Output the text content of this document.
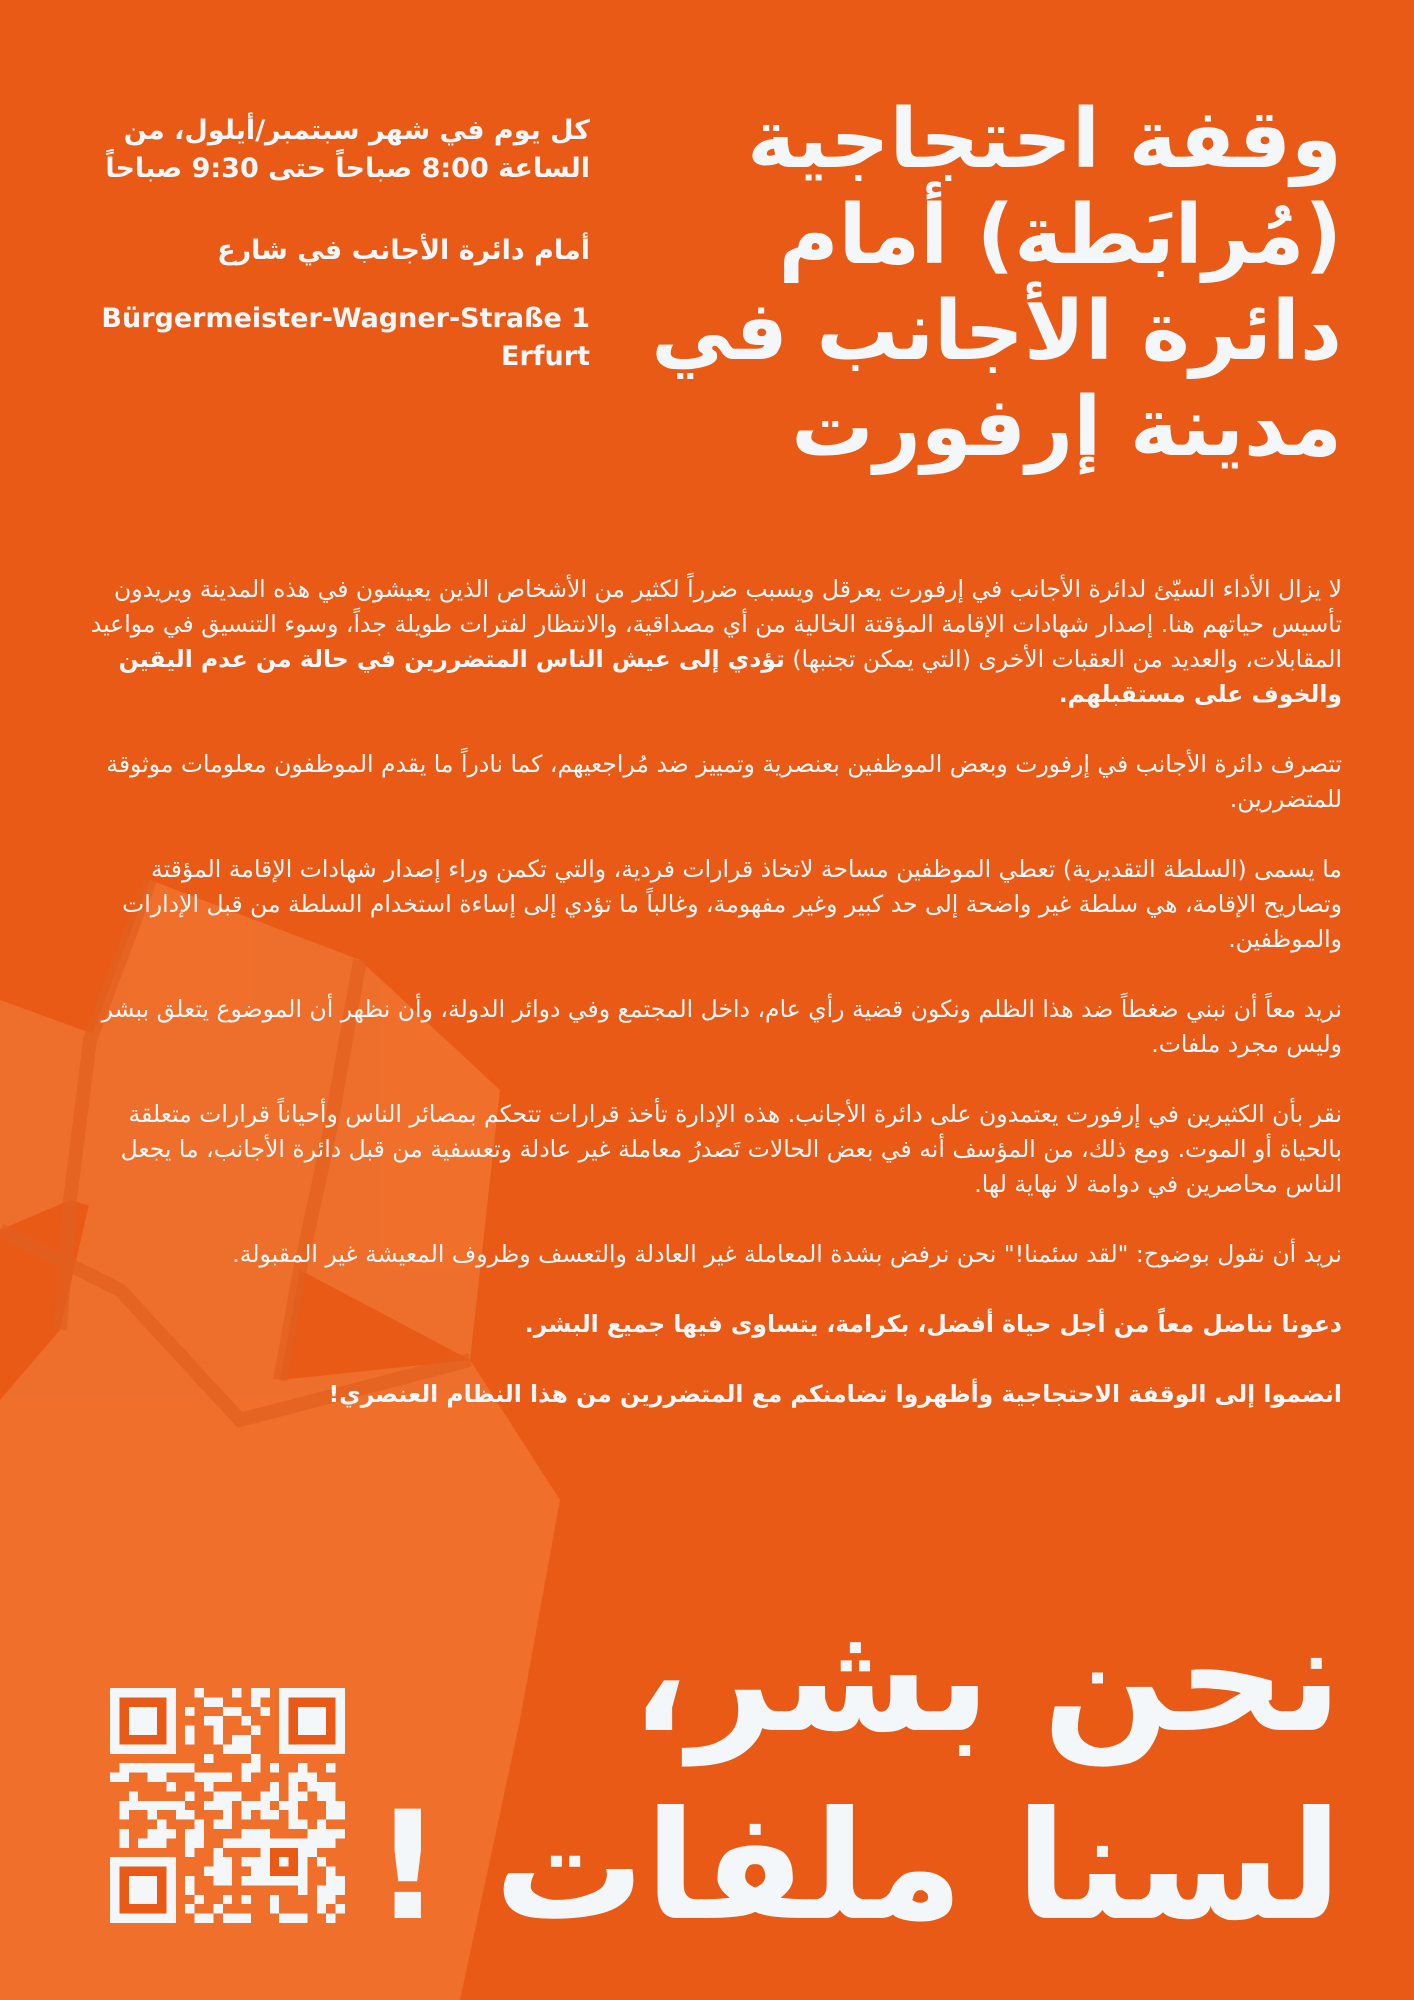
وقفة احتجاجية
(مُرابَطة) أمام
دائرة الأجانب في
مدينة إرفورت

كل يوم في شهر سبتمبر/أيلول، من

الساعة 8:00 صباحاً حتى 9:30 صباحاً

أمام دائرة الأجانب في شارع

Bürgermeister-Wagner-Straße 1

Erfurt

لا يزال الأداء السيّئ لدائرة الأجانب في إرفورت يعرقل ويسبب ضرراً لكثير من الأشخاص الذين يعيشون في هذه المدينة ويريدون تأسيس حياتهم هنا. إصدار شهادات الإقامة المؤقتة الخالية من أي مصداقية، والانتظار لفترات طويلة جداً، وسوء التنسيق في مواعيد المقابلات، والعديد من العقبات الأخرى (التي يمكن تجنبها) تؤدي إلى عيش الناس المتضررين في حالة من عدم اليقين والخوف على مستقبلهم.

تتصرف دائرة الأجانب في إرفورت وبعض الموظفين بعنصرية وتمييز ضد مُراجعيهم، كما نادراً ما يقدم الموظفون معلومات موثوقة للمتضررين.

ما يسمى (السلطة التقديرية) تعطي الموظفين مساحة لاتخاذ قرارات فردية، والتي تكمن وراء إصدار شهادات الإقامة المؤقتة وتصاريح الإقامة، هي سلطة غير واضحة إلى حد كبير وغير مفهومة، وغالباً ما تؤدي إلى إساءة استخدام السلطة من قبل الإدارات والموظفين.

نريد معاً أن نبني ضغطاً ضد هذا الظلم ونكون قضية رأي عام، داخل المجتمع وفي دوائر الدولة، وأن نظهر أن الموضوع يتعلق ببشر وليس مجرد ملفات.

نقر بأن الكثيرين في إرفورت يعتمدون على دائرة الأجانب. هذه الإدارة تأخذ قرارات تتحكم بمصائر الناس وأحياناً قرارات متعلقة بالحياة أو الموت. ومع ذلك، من المؤسف أنه في بعض الحالات تَصدرُ معاملة غير عادلة وتعسفية من قبل دائرة الأجانب، ما يجعل الناس محاصرين في دوامة لا نهاية لها.

نريد أن نقول بوضوح: "لقد سئمنا!" نحن نرفض بشدة المعاملة غير العادلة والتعسف وظروف المعيشة غير المقبولة.

دعونا نناضل معاً من أجل حياة أفضل، بكرامة، يتساوى فيها جميع البشر.

انضموا إلى الوقفة الاحتجاجية وأظهروا تضامنكم مع المتضررين من هذا النظام العنصري!

نحن بشر،
لسنا ملفات !
